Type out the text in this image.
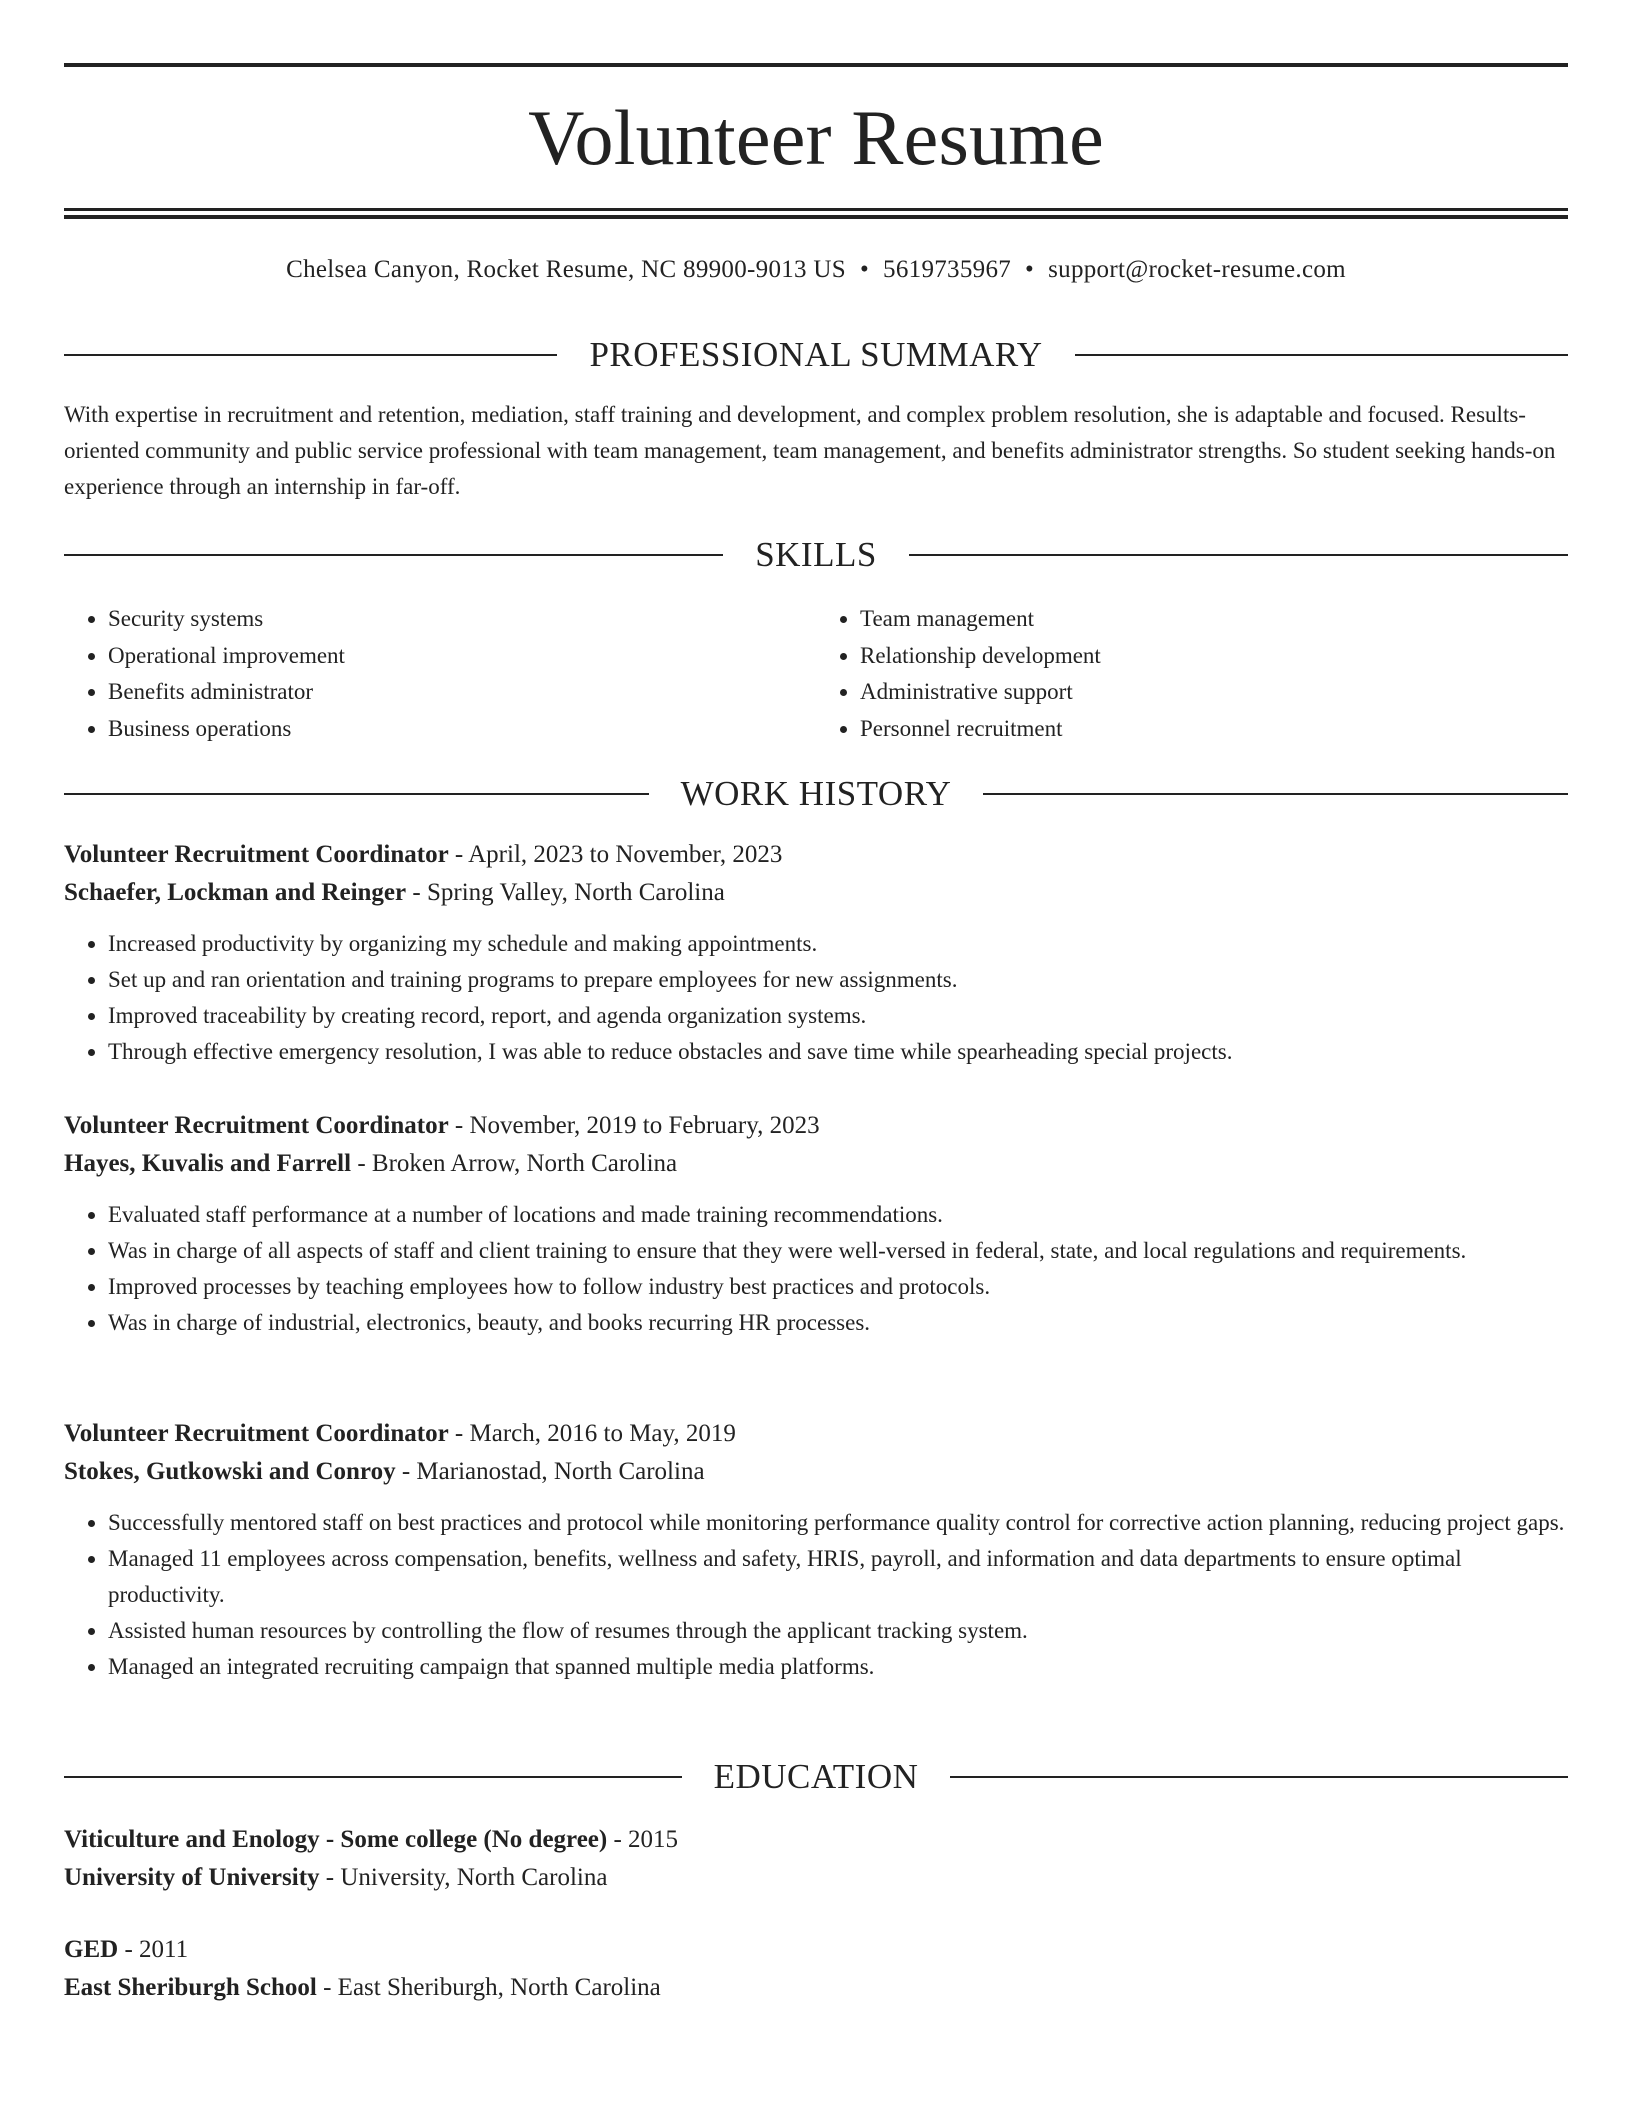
Volunteer Resume
Chelsea Canyon, Rocket Resume, NC 89900-9013 US • 5619735967 • support@rocket-resume.com
PROFESSIONAL SUMMARY

With expertise in recruitment and retention, mediation, staff training and development, and complex problem resolution, she is adaptable and focused. Results-oriented community and public service professional with team management, team management, and benefits administrator strengths. So student seeking hands-on experience through an internship in far-off.

SKILLS
• Security systems
• Operational improvement
• Benefits administrator
• Business operations
• Team management
• Relationship development
• Administrative support
• Personnel recruitment
WORK HISTORY
Volunteer Recruitment Coordinator - April, 2023 to November, 2023
Schaefer, Lockman and Reinger - Spring Valley, North Carolina
• Increased productivity by organizing my schedule and making appointments.
• Set up and ran orientation and training programs to prepare employees for new assignments.
• Improved traceability by creating record, report, and agenda organization systems.
• Through effective emergency resolution, I was able to reduce obstacles and save time while spearheading special projects.
Volunteer Recruitment Coordinator - November, 2019 to February, 2023
Hayes, Kuvalis and Farrell - Broken Arrow, North Carolina
• Evaluated staff performance at a number of locations and made training recommendations.
• Was in charge of all aspects of staff and client training to ensure that they were well-versed in federal, state, and local regulations and requirements.
• Improved processes by teaching employees how to follow industry best practices and protocols.
• Was in charge of industrial, electronics, beauty, and books recurring HR processes.
Volunteer Recruitment Coordinator - March, 2016 to May, 2019
Stokes, Gutkowski and Conroy - Marianostad, North Carolina
• Successfully mentored staff on best practices and protocol while monitoring performance quality control for corrective action planning, reducing project gaps.
• Managed 11 employees across compensation, benefits, wellness and safety, HRIS, payroll, and information and data departments to ensure optimal productivity.
• Assisted human resources by controlling the flow of resumes through the applicant tracking system.
• Managed an integrated recruiting campaign that spanned multiple media platforms.
EDUCATION
Viticulture and Enology - Some college (No degree) - 2015
University of University - University, North Carolina
GED - 2011
East Sheriburgh School - East Sheriburgh, North Carolina
